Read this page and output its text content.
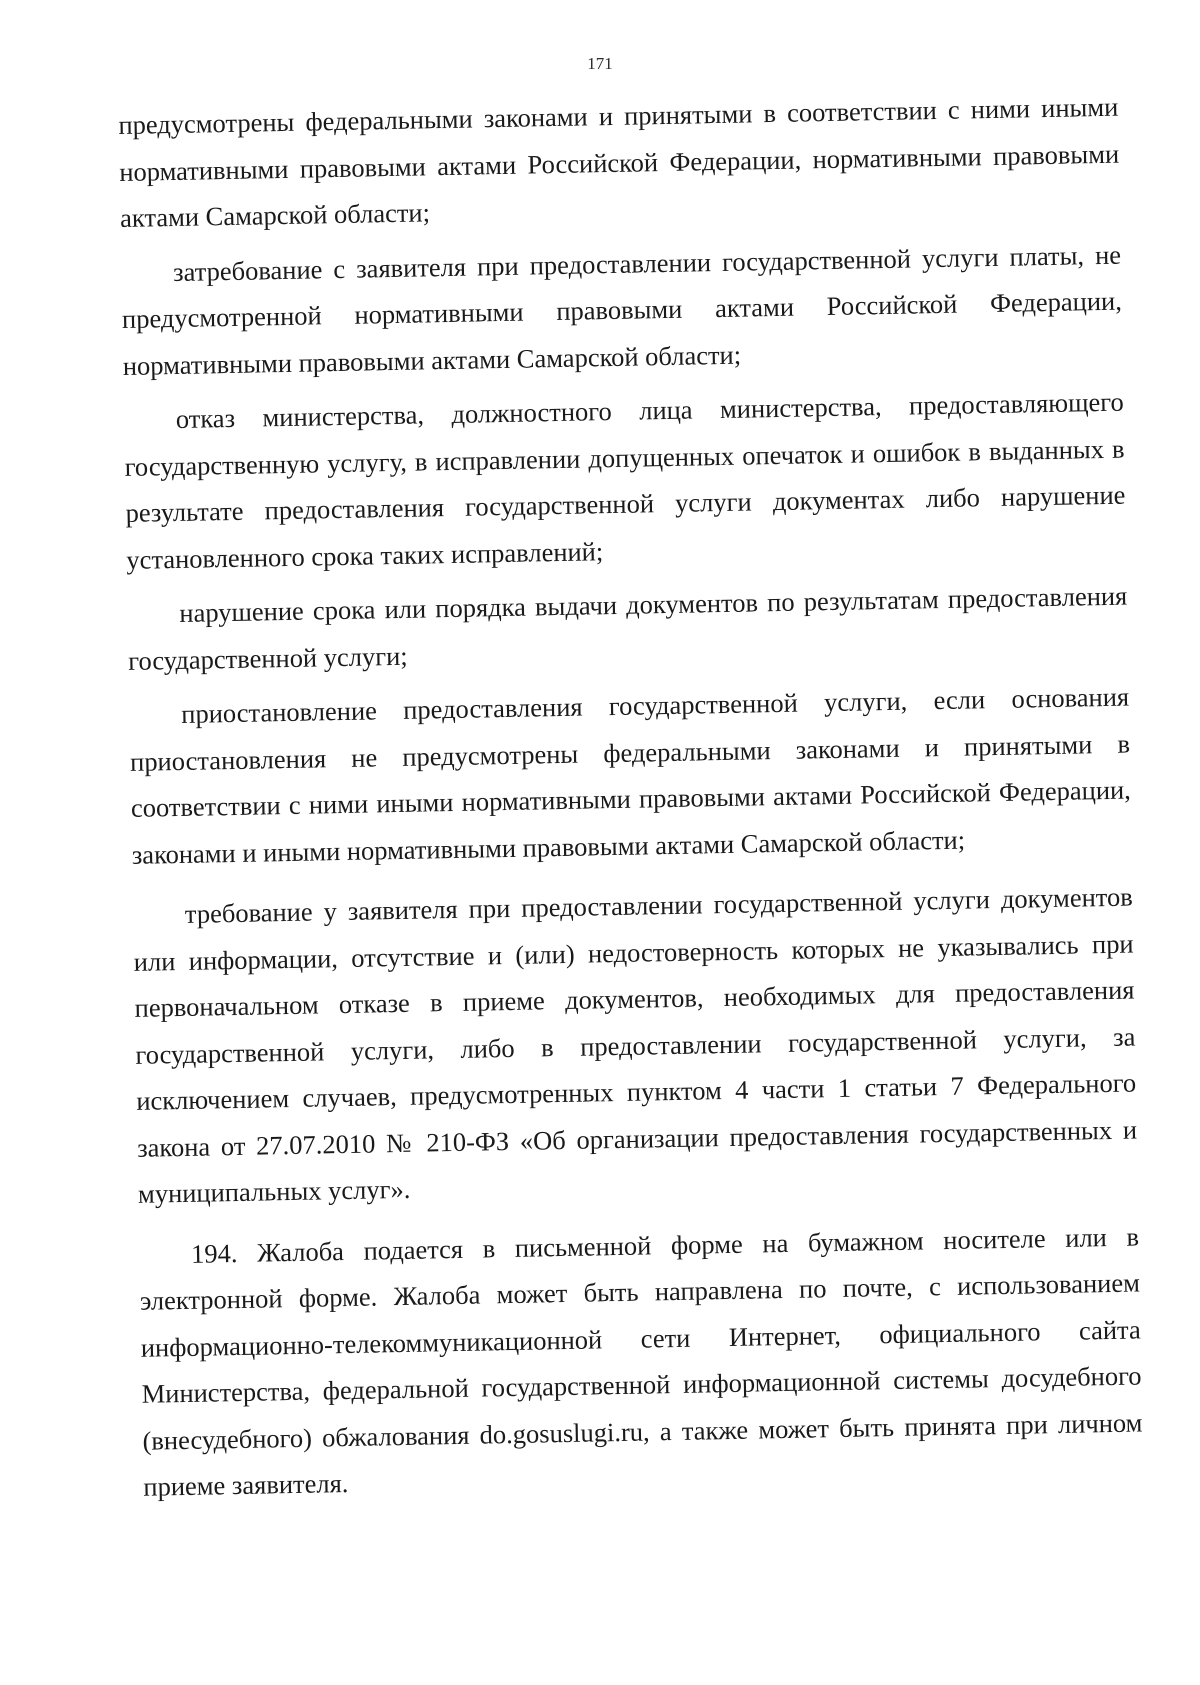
171

предусмотрены федеральными законами и принятыми в соответствии с ними иными нормативными правовыми актами Российской Федерации, нормативными правовыми актами Самарской области;

затребование с заявителя при предоставлении государственной услуги платы, не предусмотренной нормативными правовыми актами Российской Федерации, нормативными правовыми актами Самарской области;

отказ министерства, должностного лица министерства, предоставляющего государственную услугу, в исправлении допущенных опечаток и ошибок в выданных в результате предоставления государственной услуги документах либо нарушение установленного срока таких исправлений;

нарушение срока или порядка выдачи документов по результатам предоставления государственной услуги;

приостановление предоставления государственной услуги, если основания приостановления не предусмотрены федеральными законами и принятыми в соответствии с ними иными нормативными правовыми актами Российской Федерации, законами и иными нормативными правовыми актами Самарской области;

требование у заявителя при предоставлении государственной услуги документов или информации, отсутствие и (или) недостоверность которых не указывались при первоначальном отказе в приеме документов, необходимых для предоставления государственной услуги, либо в предоставлении государственной услуги, за исключением случаев, предусмотренных пунктом 4 части 1 статьи 7 Федерального закона от 27.07.2010 № 210-ФЗ «Об организации предоставления государственных и муниципальных услуг».

194. Жалоба подается в письменной форме на бумажном носителе или в электронной форме. Жалоба может быть направлена по почте, с использованием информационно-телекоммуникационной сети Интернет, официального сайта Министерства, федеральной государственной информационной системы досудебного (внесудебного) обжалования do.gosuslugi.ru, а также может быть принята при личном приеме заявителя.
